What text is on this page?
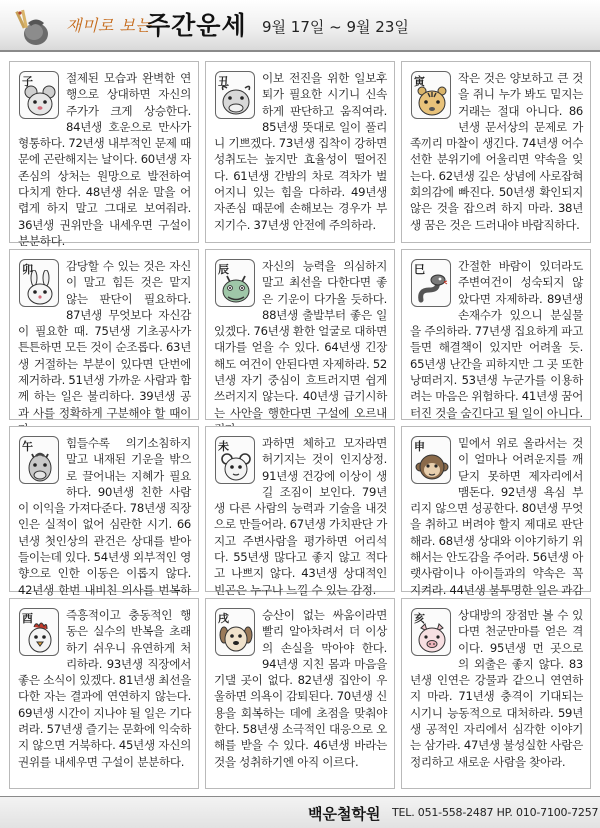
재미로 보는
주간운세 9월 17일 ~ 9월 23일
子	절제된 모습과 완벽한 연행으로 상대하면 자신의 주가가 크게 상승한다. 84년생 호운으로 만사가 형통하다. 72년생 내부적인 문제 때문에 곤란해지는 날이다. 60년생 자존심의 상처는 원망으로 발전하여 다치게 한다. 48년생 쉬운 말을 어렵게 하지 말고 그대로 보여줘라. 36년생 권위만을 내세우면 구설이 분분하다.
丑	이보 전진을 위한 일보후퇴가 필요한 시기니 신속하게 판단하고 움직여라. 85년생 뜻대로 일이 풀리니 기쁘겠다. 73년생 집착이 강하면 성취도는 높지만 효율성이 떨어진다. 61년생 간밤의 차로 격차가 벌어지니 있는 힘을 다하라. 49년생 자존심 때문에 손해보는 경우가 부지기수. 37년생 안전에 주의하라.
寅	작은 것은 양보하고 큰 것을 쥐니 누가 봐도 밑지는 거래는 절대 아니다. 86년생 문서상의 문제로 가족끼리 마찰이 생긴다. 74년생 어수선한 분위기에 어울리면 약속을 잊는다. 62년생 깊은 상념에 사로잡혀 회의감에 빠진다. 50년생 확인되지 않은 것을 잡으려 하지 마라. 38년생 꿈은 것은 드러내야 바람직하다.
卯	감당할 수 있는 것은 자신이 말고 힘든 것은 맡지 않는 판단이 필요하다. 87년생 무엇보다 자신감이 필요한 때. 75년생 기초공사가 튼튼하면 모든 것이 순조롭다. 63년생 거절하는 부분이 있다면 단번에 제거하라. 51년생 가까운 사람과 함께 하는 일은 불리하다. 39년생 공과 사를 정확하게 구분해야 할 때이
辰	자신의 능력을 의심하지 말고 최선을 다한다면 좋은 기운이 다가올 듯하다. 88년생 출발부터 좋은 일 있겠다. 76년생 환한 얼굴로 대하면 대가를 얻을 수 있다. 64년생 긴장해도 여건이 안된다면 자제하라. 52년생 자기 중심이 흐트러지면 쉽게 쓰러지지 않는다. 40년생 급기시하는 사안을 행한다면 구설에 오르내
巳	간절한 바람이 있더라도 주변여건이 성숙되지 않았다면 자제하라. 89년생 손재수가 있으니 분실물을 주의하라. 77년생 집요하게 파고들면 해결책이 있지만 어려울 듯. 65년생 난간을 피하지만 그 곳 또한 낭떠러지. 53년생 누군가를 이용하려는 마음은 위험하다. 41년생 꿈어터진 것을 숨긴다고 될 일이 아니다.
午	힘들수록 의기소침하지 말고 내재된 기운을 밖으로 끌어내는 지혜가 필요하다. 90년생 친한 사람이 이익을 가져다준다. 78년생 직장인은 실적이 없어 심란한 시기. 66년생 첫인상의 관건은 상대를 받아들이는데 있다. 54년생 외부적인 영향으로 인한 이동은 이롭지 않다. 42년생 한번 내비친 의사를 번복하
未	과하면 체하고 모자라면 허기지는 것이 인지상정. 91년생 건강에 이상이 생길 조짐이 보인다. 79년생 다른 사람의 능력과 기술을 내것으로 만들어라. 67년생 가치판단 가지고 주변사람을 평가하면 어리석다. 55년생 많다고 좋지 않고 적다고 나쁘지 않다. 43년생 상대적인 빈곤은 누구나 느낄 수 있는 감정.
申	밑에서 위로 올라서는 것이 얼마나 어려운지를 깨닫지 못하면 제자리에서 맴돈다. 92년생 욕심 부리지 않으면 성공한다. 80년생 무엇을 취하고 버려야 할지 제대로 판단해라. 68년생 상대와 이야기하기 위해서는 안도감을 주어라. 56년생 아랫사람이나 아이들과의 약속은 꼭 지켜라. 44년생 불투명한 일은 과감
酉	즉흥적이고 충동적인 행동은 실수의 반복을 초래하기 쉬우니 유연하게 처리하라. 93년생 직장에서 좋은 소식이 있겠다. 81년생 최선을 다한 자는 결과에 연연하지 않는다. 69년생 시간이 지나야 될 일은 기다려라. 57년생 즐기는 문화에 익숙하지 않으면 거북하다. 45년생 자신의 권위를 내세우면 구설이 분분하다.
戌	승산이 없는 싸움이라면 빨리 알아차려서 더 이상의 손실을 막아야 한다. 94년생 지친 몸과 마음을 기댈 곳이 없다. 82년생 집안이 우울하면 의욕이 감퇴된다. 70년생 신용을 회복하는 데에 초점을 맞춰야 한다. 58년생 소극적인 대응으로 오해를 받을 수 있다. 46년생 바라는 것을 성취하기엔 아직 이르다.
亥	상대방의 장점만 볼 수 있다면 천군만마를 얻은 격이다. 95년생 먼 곳으로의 외출은 좋지 않다. 83년생 인연은 강물과 같으니 연연하지 마라. 71년생 충격이 기대되는 시기니 능동적으로 대처하라. 59년생 공적인 자리에서 심각한 이야기는 삼가라. 47년생 불성실한 사람은 정리하고 새로운 사람을 찾아라.
백운철학원 TEL. 051-558-2487 HP. 010-7100-7257
